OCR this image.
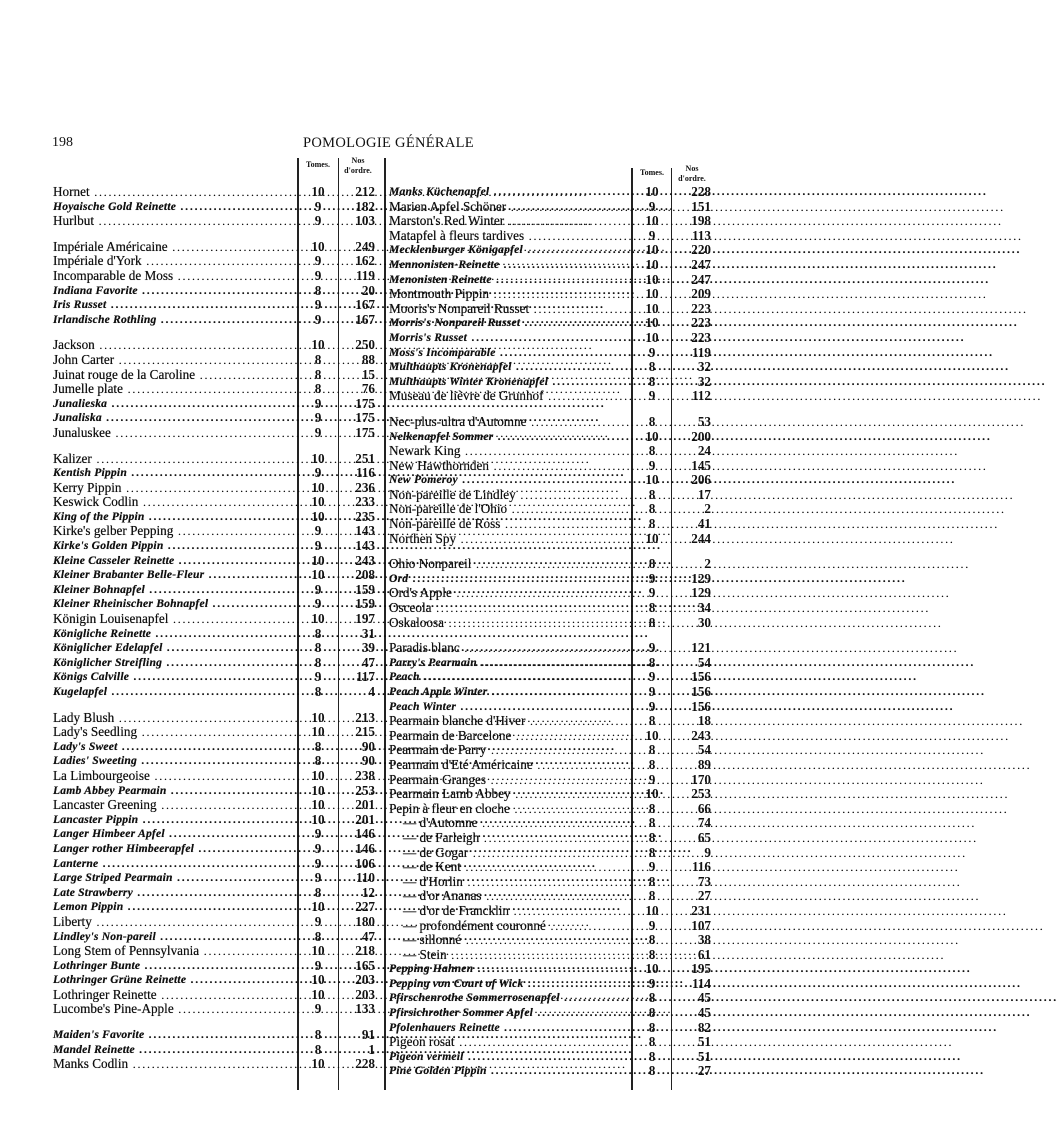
198	POMOLOGIE GÉNÉRALE
Tomes.	Nos
d'ordre.	Tomes.	Nos
d'ordre.
Hornet .....	10	212
Hoyaische Gold Reinette .....	9	182
Hurlbut .....	9	103
Impériale Américaine .....	10	249
Impériale d'York .....	9	162
Incomparable de Moss .....	9	119
Indiana Favorite .....	8	20
Iris Russet .....	9	167
Irlandische Rothling .....	9	167
Jackson .....	10	250
John Carter .....	8	88
Juinat rouge de la Caroline .....	8	15
Jumelle plate .....	8	76
Junalieska .....	9	175
Junaliska .....	9	175
Junaluskee .....	9	175
Kalizer .....	10	251
Kentish Pippin .....	9	116
Kerry Pippin .....	10	236
Keswick Codlin .....	10	233
King of the Pippin .....	10	235
Kirke's gelber Pepping .....	9	143
Kirke's Golden Pippin .....	9	143
Kleine Casseler Reinette .....	10	243
Kleiner Brabanter Belle-Fleur .....	10	208
Kleiner Bohnapfel .....	9	159
Kleiner Rheinischer Bohnapfel .....	9	159
Königin Louisenapfel .....	10	197
Königliche Reinette .....	8	31
Königlicher Edelapfel .....	8	39
Königlicher Streifling .....	8	47
Königs Calville .....	9	117
Kugelapfel .....	8	4
Lady Blush .....	10	213
Lady's Seedling .....	10	215
Lady's Sweet .....	8	90
Ladies' Sweeting .....	8	90
La Limbourgeoise .....	10	238
Lamb Abbey Pearmain .....	10	253
Lancaster Greening .....	10	201
Lancaster Pippin .....	10	201
Langer Himbeer Apfel .....	9	146
Langer rother Himbeerapfel .....	9	146
Lanterne .....	9	106
Large Striped Pearmain .....	9	110
Late Strawberry .....	8	12
Lemon Pippin .....	10	227
Liberty .....	9	180
Lindley's Non-pareil .....	8	47
Long Stem of Pennsylvania .....	10	218
Lothringer Bunte .....	9	165
Lothringer Grüne Reinette .....	10	203
Lothringer Reinette .....	10	203
Lucombe's Pine-Apple .....	9	133
Maiden's Favorite .....	8	91
Mandel Reinette .....	8	1
Manks Codlin .....	10	228
Manks Küchenapfel .....	10	228
Marien Apfel Schöner .....	9	151
Marston's Red Winter .....	10	198
Matapfel à fleurs tardives .....	9	113
Mecklenburger Königapfel .....	10	220
Mennonisten-Reinette .....	10	247
Menonisten Reinette .....	10	247
Montmouth Pippin .....	10	209
Mooris's Nonpareil Russet .....	10	223
Morris's Nonpareil Russet .....	10	223
Morris's Russet .....	10	223
Moss's Incomparable .....	9	119
Multhaupts Kronenapfel .....	8	32
Multhaupts Winter Kronenapfel .....	8	32
Museau de lièvre de Grunhof .....	9	112
Nec-plus-ultra d'Automne .....	8	53
Nelkenapfel Sommer .....	10	200
Newark King .....	8	24
New Hawthornden .....	9	145
New Pomeroy .....	10	206
Non-pareille de Lindley .....	8	17
Non-pareille de l'Ohio .....	8	2
Non-pareille de Ross .....	8	41
Northen Spy .....	10	244
Ohio Nonpareil .....	8	2
Ord .....	9	129
Ord's Apple .....	9	129
Osceola .....	8	34
Oskaloosa .....	8	30
Paradis blanc .....	9	121
Parry's Pearmain .....	8	54
Peach .....	9	156
Peach Apple Winter .....	9	156
Peach Winter .....	9	156
Pearmain blanche d'Hiver .....	8	18
Pearmain de Barcelone .....	10	243
Pearmain de Parry .....	8	54
Pearmain d'Eté Américaine .....	8	89
Pearmain Granges .....	9	170
Pearmain Lamb Abbey .....	10	253
Pepin à fleur en cloche .....	8	66
— d'Automne .....	8	74
— de Farleigh .....	8	65
— de Gogar .....	8	9
— de Kent .....	9	116
— d'Horlin .....	8	73
— d'or Ananas .....	8	27
— d'or de Francklin .....	10	231
— profondément couronné .....	9	107
— sillonné .....	8	38
— Stein .....	8	61
Pepping Hahnen .....	10	195
Pepping von Court of Wick .....	9	114
Pfirschenrothe Sommerrosenapfel .....	8	45
Pfirsichrother Sommer Apfel .....	8	45
Pfolenhauers Reinette .....	8	82
Pigeon rosat .....	8	51
Pigeon vermeil .....	8	51
Pine Golden Pippin .....	8	27
